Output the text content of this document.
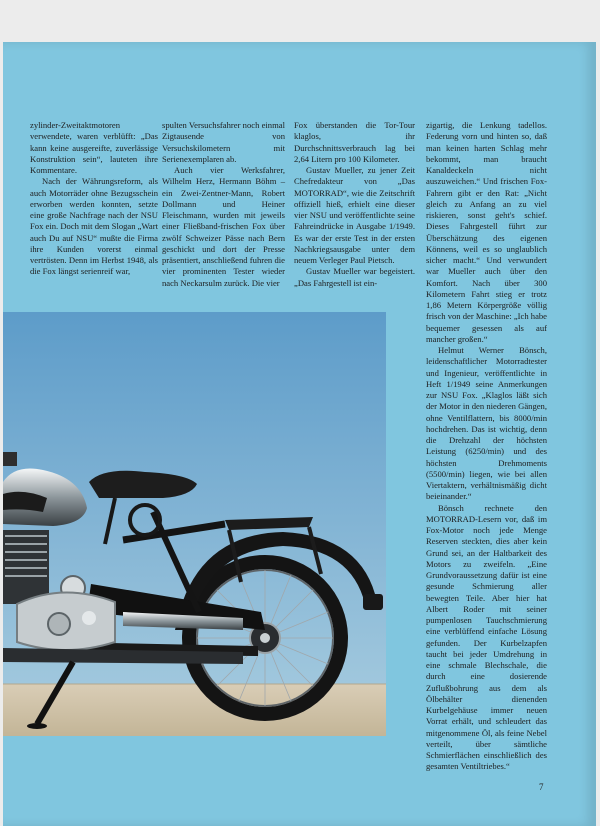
zylinder-Zweitaktmotoren verwendete, waren verblüfft: „Das kann keine ausgereifte, zuverlässige Konstruktion sein“, lauteten ihre Kommentare.

Nach der Währungsreform, als auch Motorräder ohne Bezugsschein erworben werden konnten, setzte eine große Nachfrage nach der NSU Fox ein. Doch mit dem Slogan „Wart auch Du auf NSU“ mußte die Firma ihre Kunden vorerst einmal vertrösten. Denn im Herbst 1948, als die Fox längst serienreif war,

spulten Versuchsfahrer noch einmal Zigtausende von Versuchskilometern mit Serienexemplaren ab.

Auch vier Werksfahrer, Wilhelm Herz, Hermann Böhm – ein Zwei-Zentner-Mann, Robert Dollmann und Heiner Fleischmann, wurden mit jeweils einer Fließband-frischen Fox über zwölf Schweizer Pässe nach Bern geschickt und dort der Presse präsentiert, anschließend fuhren die vier prominenten Tester wieder nach Neckarsulm zurück. Die vier

Fox überstanden die Tor-Tour klaglos, ihr Durchschnittsverbrauch lag bei 2,64 Litern pro 100 Kilometer.

Gustav Mueller, zu jener Zeit Chefredakteur von „Das MOTORRAD“, wie die Zeitschrift offiziell hieß, erhielt eine dieser vier NSU und veröffentlichte seine Fahreindrücke in Ausgabe 1/1949. Es war der erste Test in der ersten Nachkriegsausgabe unter dem neuem Verleger Paul Pietsch.

Gustav Mueller war begeistert. „Das Fahrgestell ist ein-

zigartig, die Lenkung tadellos. Federung vorn und hinten so, daß man keinen harten Schlag mehr bekommt, man braucht Kanaldeckeln nicht auszuweichen.“ Und frischen Fox-Fahrern gibt er den Rat: „Nicht gleich zu Anfang an zu viel riskieren, sonst geht's schief. Dieses Fahrgestell führt zur Überschätzung des eigenen Könnens, weil es so unglaublich sicher macht.“ Und verwundert war Mueller auch über den Komfort. Nach über 300 Kilometern Fahrt stieg er trotz 1,86 Metern Körpergröße völlig frisch von der Maschine: „Ich habe bequemer gesessen als auf mancher großen.“

Helmut Werner Bönsch, leidenschaftlicher Motorradtester und Ingenieur, veröffentlichte in Heft 1/1949 seine Anmerkungen zur NSU Fox. „Klaglos läßt sich der Motor in den niederen Gängen, ohne Ventilflattern, bis 8000/min hochdrehen. Das ist wichtig, denn die Drehzahl der höchsten Leistung (6250/min) und des höchsten Drehmoments (5500/min) liegen, wie bei allen Viertaktern, verhältnismäßig dicht beieinander.“

Bönsch rechnete den MOTORRAD-Lesern vor, daß im Fox-Motor noch jede Menge Reserven steckten, dies aber kein Grund sei, an der Haltbarkeit des Motors zu zweifeln. „Eine Grundvoraussetzung dafür ist eine gesunde Schmierung aller bewegten Teile. Aber hier hat Albert Roder mit seiner pumpenlosen Tauchschmierung eine verblüffend einfache Lösung gefunden. Der Kurbelzapfen taucht bei jeder Umdrehung in eine schmale Blechschale, die durch eine dosierende Zuflußbohrung aus dem als Ölbehälter dienenden Kurbelgehäuse immer neuen Vorrat erhält, und schleudert das mitgenommene Öl, als feine Nebel verteilt, über sämtliche Schmierflächen einschließlich des gesamten Ventiltriebes.“

7
